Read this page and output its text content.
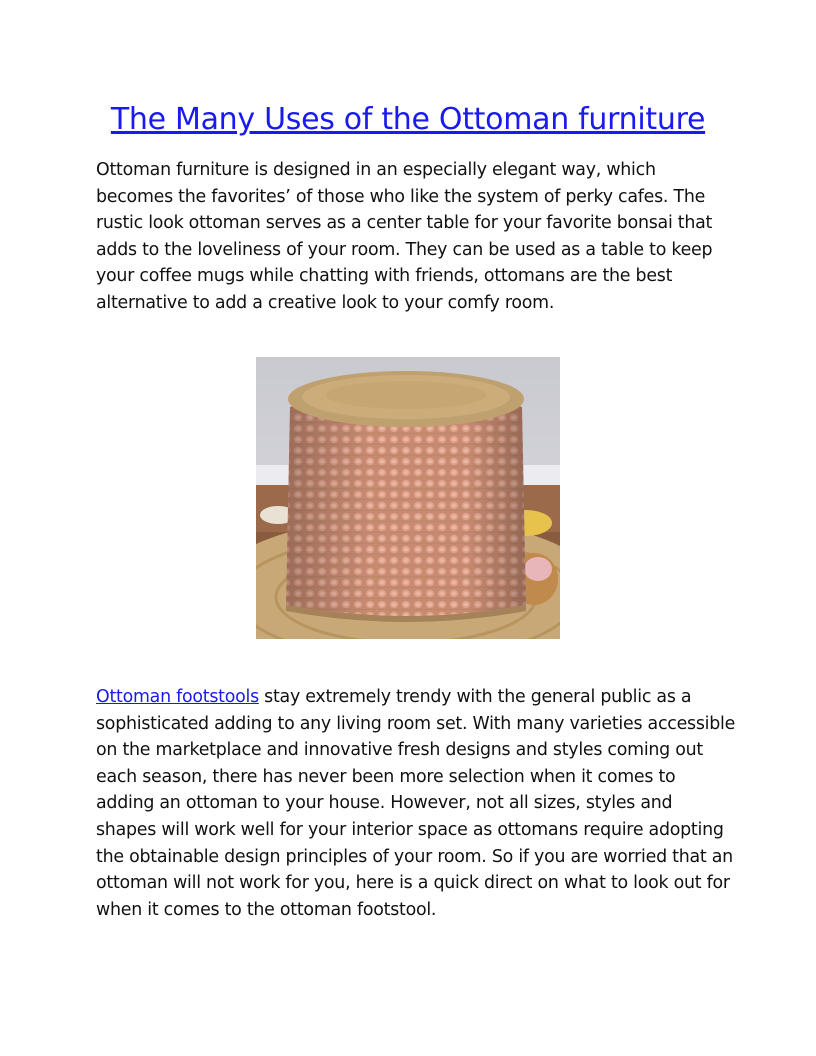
The Many Uses of the Ottoman furniture

Ottoman furniture is designed in an especially elegant way, which becomes the favorites’ of those who like the system of perky cafes. The rustic look ottoman serves as a center table for your favorite bonsai that adds to the loveliness of your room. They can be used as a table to keep your coffee mugs while chatting with friends, ottomans are the best alternative to add a creative look to your comfy room.

Ottoman footstools stay extremely trendy with the general public as a sophisticated adding to any living room set. With many varieties accessible on the marketplace and innovative fresh designs and styles coming out each season, there has never been more selection when it comes to adding an ottoman to your house. However, not all sizes, styles and shapes will work well for your interior space as ottomans require adopting the obtainable design principles of your room. So if you are worried that an ottoman will not work for you, here is a quick direct on what to look out for when it comes to the ottoman footstool.
